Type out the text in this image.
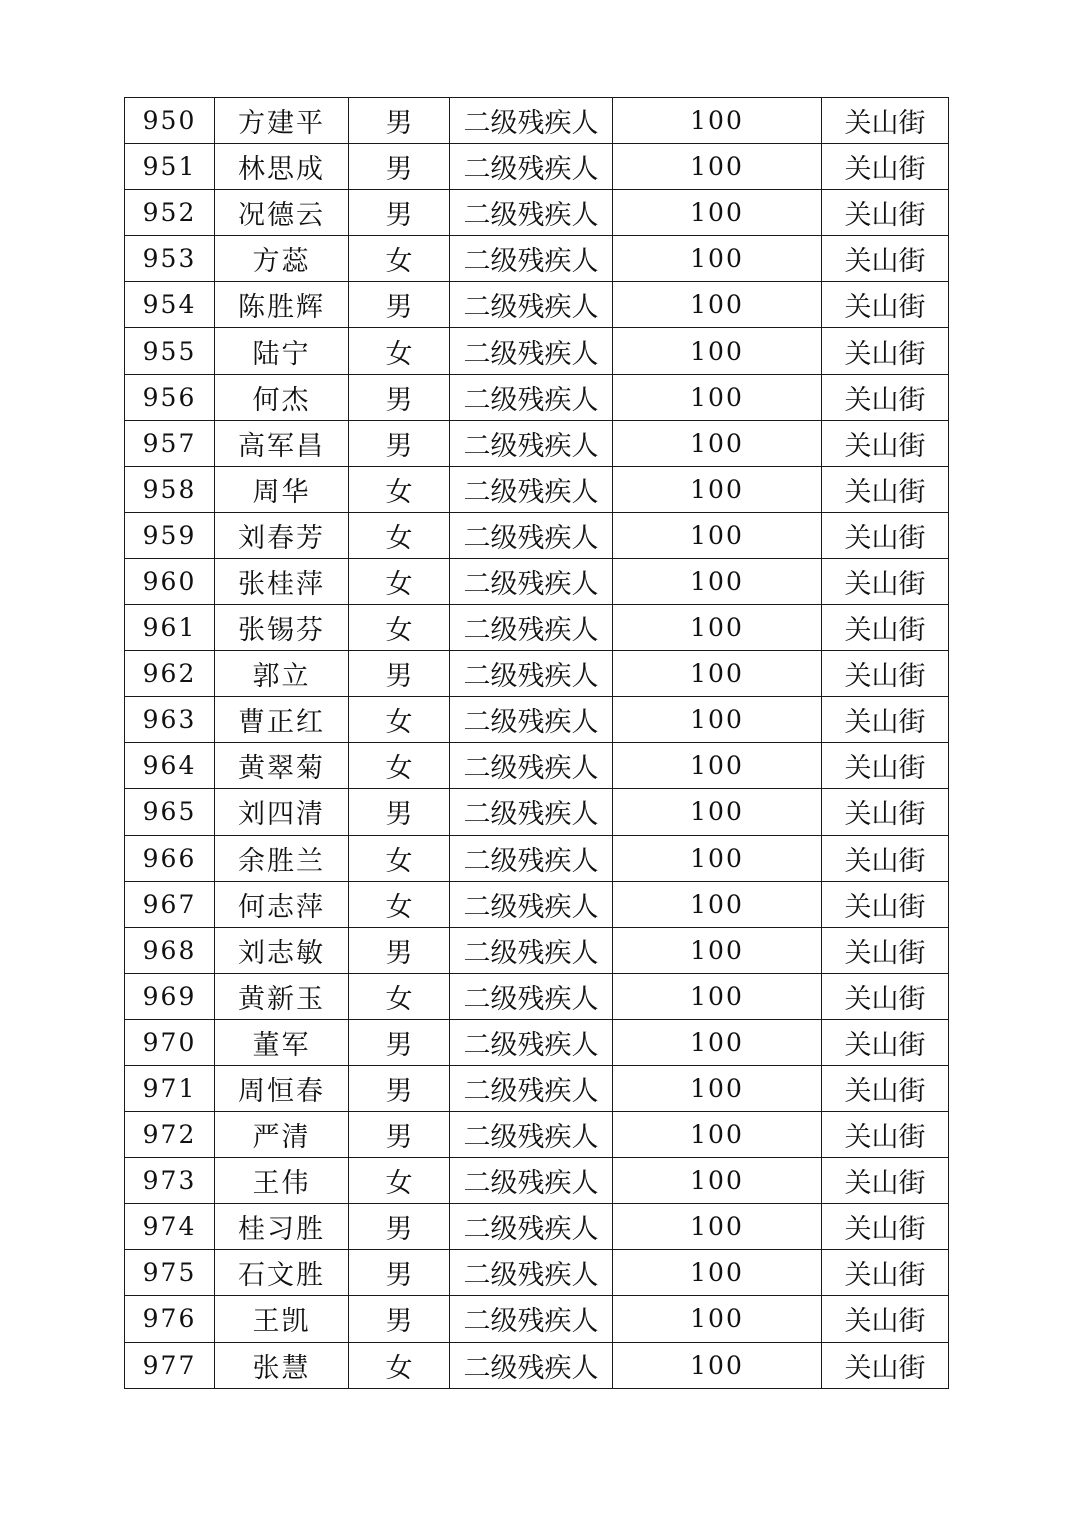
950	方建平	男	二级残疾人	100	关山街
951	林思成	男	二级残疾人	100	关山街
952	况德云	男	二级残疾人	100	关山街
953	方蕊	女	二级残疾人	100	关山街
954	陈胜辉	男	二级残疾人	100	关山街
955	陆宁	女	二级残疾人	100	关山街
956	何杰	男	二级残疾人	100	关山街
957	高军昌	男	二级残疾人	100	关山街
958	周华	女	二级残疾人	100	关山街
959	刘春芳	女	二级残疾人	100	关山街
960	张桂萍	女	二级残疾人	100	关山街
961	张锡芬	女	二级残疾人	100	关山街
962	郭立	男	二级残疾人	100	关山街
963	曹正红	女	二级残疾人	100	关山街
964	黄翠菊	女	二级残疾人	100	关山街
965	刘四清	男	二级残疾人	100	关山街
966	余胜兰	女	二级残疾人	100	关山街
967	何志萍	女	二级残疾人	100	关山街
968	刘志敏	男	二级残疾人	100	关山街
969	黄新玉	女	二级残疾人	100	关山街
970	董军	男	二级残疾人	100	关山街
971	周恒春	男	二级残疾人	100	关山街
972	严清	男	二级残疾人	100	关山街
973	王伟	女	二级残疾人	100	关山街
974	桂习胜	男	二级残疾人	100	关山街
975	石文胜	男	二级残疾人	100	关山街
976	王凯	男	二级残疾人	100	关山街
977	张慧	女	二级残疾人	100	关山街
